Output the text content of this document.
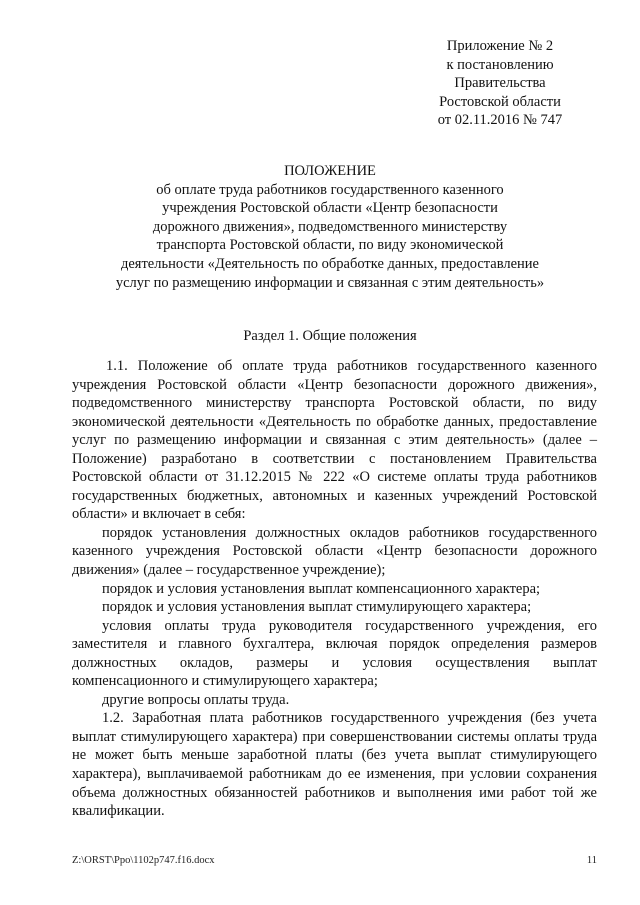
Приложение № 2
к постановлению
Правительства
Ростовской области
от 02.11.2016 № 747
ПОЛОЖЕНИЕ
об оплате труда работников государственного казенного
учреждения Ростовской области «Центр безопасности
дорожного движения», подведомственного министерству
транспорта Ростовской области, по виду экономической
деятельности «Деятельность по обработке данных, предоставление
услуг по размещению информации и связанная с этим деятельность»
Раздел 1. Общие положения

1.1. Положение об оплате труда работников государственного казенного учреждения Ростовской области «Центр безопасности дорожного движения», подведомственного министерству транспорта Ростовской области, по виду экономической деятельности «Деятельность по обработке данных, предоставление услуг по размещению информации и связанная с этим деятельность» (далее – Положение) разработано в соответствии с постановлением Правительства Ростовской области от 31.12.2015 № 222 «О системе оплаты труда работников государственных бюджетных, автономных и казенных учреждений Ростовской области» и включает в себя:

порядок установления должностных окладов работников государственного казенного учреждения Ростовской области «Центр безопасности дорожного движения» (далее – государственное учреждение);

порядок и условия установления выплат компенсационного характера;

порядок и условия установления выплат стимулирующего характера;

условия оплаты труда руководителя государственного учреждения, его заместителя и главного бухгалтера, включая порядок определения размеров должностных окладов, размеры и условия осуществления выплат компенсационного и стимулирующего характера;

другие вопросы оплаты труда.

1.2. Заработная плата работников государственного учреждения (без учета выплат стимулирующего характера) при совершенствовании системы оплаты труда не может быть меньше заработной платы (без учета выплат стимулирующего характера), выплачиваемой работникам до ее изменения, при условии сохранения объема должностных обязанностей работников и выполнения ими работ той же квалификации.

Z:\ORST\Ppo\1102p747.f16.docx	11
